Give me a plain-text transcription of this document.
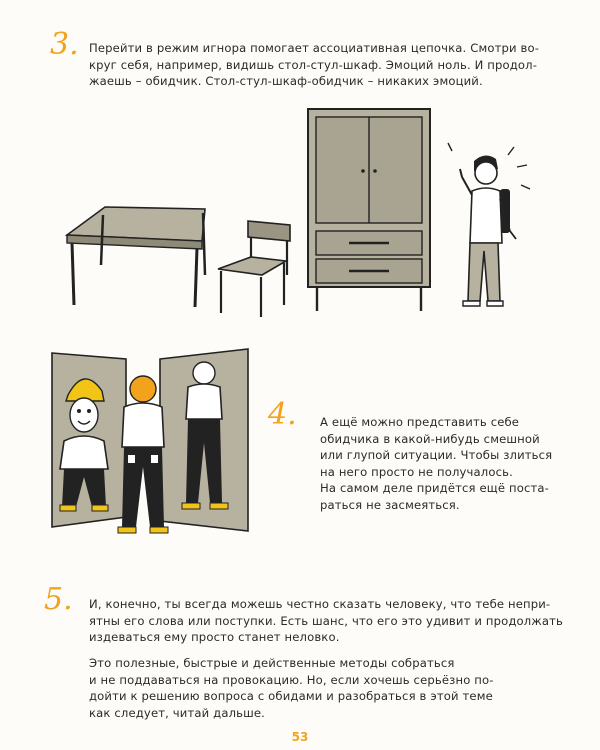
3. Перейти в режим игнора помогает ассоциативная цепочка. Смотри во-

круг себя, например, видишь стол-стул-шкаф. Эмоций ноль. И продол-

жаешь – обидчик. Стол-стул-шкаф-обидчик – никаких эмоций.

4. А ещё можно представить себе

обидчика в какой-нибудь смешной

или глупой ситуации. Чтобы злиться

на него просто не получалось.

На самом деле придётся ещё поста-

раться не засмеяться.

5. И, конечно, ты всегда можешь честно сказать человеку, что тебе непри-

ятны его слова или поступки. Есть шанс, что его это удивит и продолжать

издеваться ему просто станет неловко.

Это полезные, быстрые и действенные методы собраться

и не поддаваться на провокацию. Но, если хочешь серьёзно по-

дойти к решению вопроса с обидами и разобраться в этой теме

как следует, читай дальше.

53
